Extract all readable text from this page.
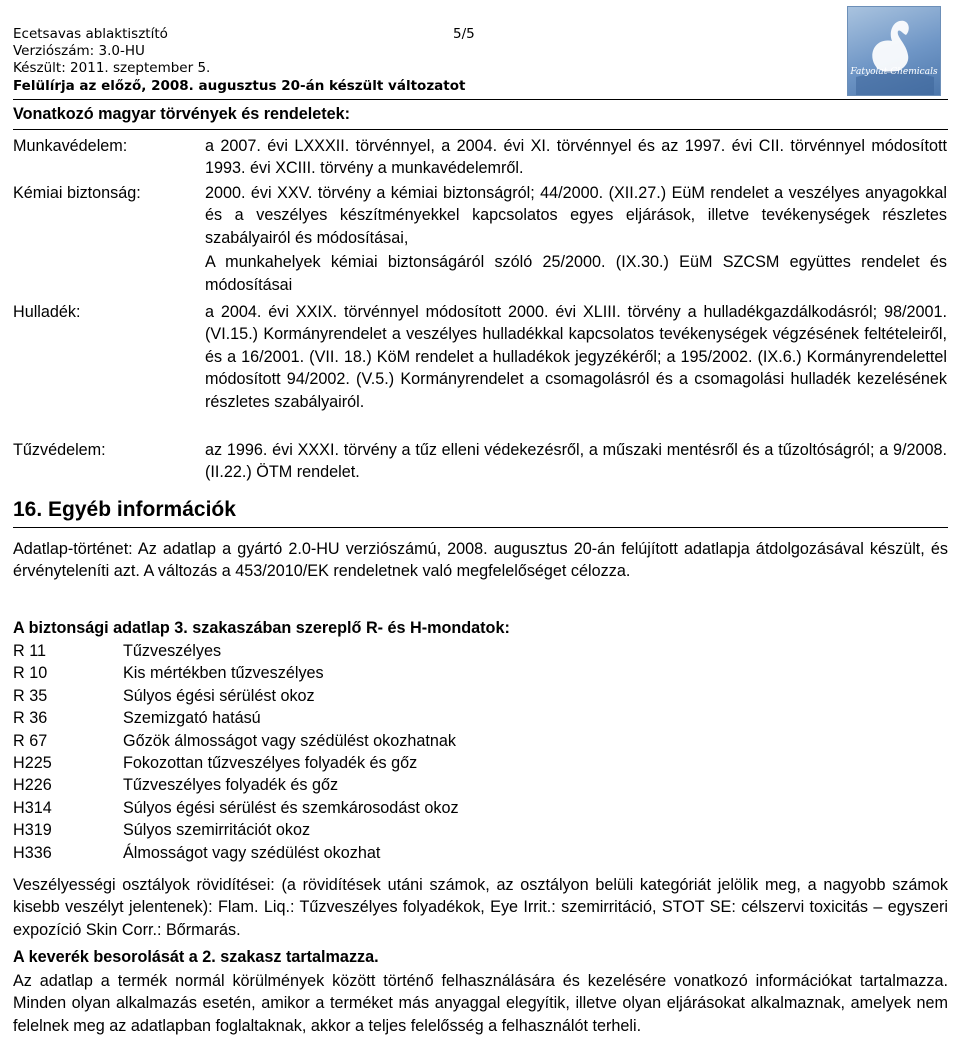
Ecetsavas ablaktisztító	5/5
Verziószám: 3.0-HU
Készült: 2011. szeptember 5.
Felülírja az előző, 2008. augusztus 20-án készült változatot
Fatyolat Chemicals
Vonatkozó magyar törvények és rendeletek:
Munkavédelem:	a 2007. évi LXXXII. törvénnyel, a 2004. évi XI. törvénnyel és az 1997. évi CII. törvénnyel módosított 1993. évi XCIII. törvény a munkavédelemről.

Kémiai biztonság:	2000. évi XXV. törvény a kémiai biztonságról; 44/2000. (XII.27.) EüM rendelet a veszélyes anyagokkal és a veszélyes készítményekkel kapcsolatos egyes eljárások, illetve tevékenységek részletes szabályairól és módosításai,

A munkahelyek kémiai biztonságáról szóló 25/2000. (IX.30.) EüM SZCSM együttes rendelet és módosításai

Hulladék:	a 2004. évi XXIX. törvénnyel módosított 2000. évi XLIII. törvény a hulladékgazdálkodásról; 98/2001.(VI.15.) Kormányrendelet a veszélyes hulladékkal kapcsolatos tevékenységek végzésének feltételeiről, és a 16/2001. (VII. 18.) KöM rendelet a hulladékok jegyzékéről; a 195/2002. (IX.6.) Kormányrendelettel módosított 94/2002. (V.5.) Kormányrendelet a csomagolásról és a csomagolási hulladék kezelésének részletes szabályairól.

Tűzvédelem:	az 1996. évi XXXI. törvény a tűz elleni védekezésről, a műszaki mentésről és a tűzoltóságról; a 9/2008. (II.22.) ÖTM rendelet.

16. Egyéb információk

Adatlap-történet: Az adatlap a gyártó 2.0-HU verziószámú, 2008. augusztus 20-án felújított adatlapja átdolgozásával készült, és érvényteleníti azt. A változás a 453/2010/EK rendeletnek való megfelelőséget célozza.

A biztonsági adatlap 3. szakaszában szereplő R- és H-mondatok:
R 11	Tűzveszélyes
R 10	Kis mértékben tűzveszélyes
R 35	Súlyos égési sérülést okoz
R 36	Szemizgató hatású
R 67	Gőzök álmosságot vagy szédülést okozhatnak
H225	Fokozottan tűzveszélyes folyadék és gőz
H226	Tűzveszélyes folyadék és gőz
H314	Súlyos égési sérülést és szemkárosodást okoz
H319	Súlyos szemirritációt okoz
H336	Álmosságot vagy szédülést okozhat

Veszélyességi osztályok rövidítései: (a rövidítések utáni számok, az osztályon belüli kategóriát jelölik meg, a nagyobb számok kisebb veszélyt jelentenek): Flam. Liq.: Tűzveszélyes folyadékok, Eye Irrit.: szemirritáció, STOT SE: célszervi toxicitás – egyszeri expozíció Skin Corr.: Bőrmarás.

A keverék besorolását a 2. szakasz tartalmazza.

Az adatlap a termék normál körülmények között történő felhasználására és kezelésére vonatkozó információkat tartalmazza. Minden olyan alkalmazás esetén, amikor a terméket más anyaggal elegyítik, illetve olyan eljárásokat alkalmaznak, amelyek nem felelnek meg az adatlapban foglaltaknak, akkor a teljes felelősség a felhasználót terheli.
